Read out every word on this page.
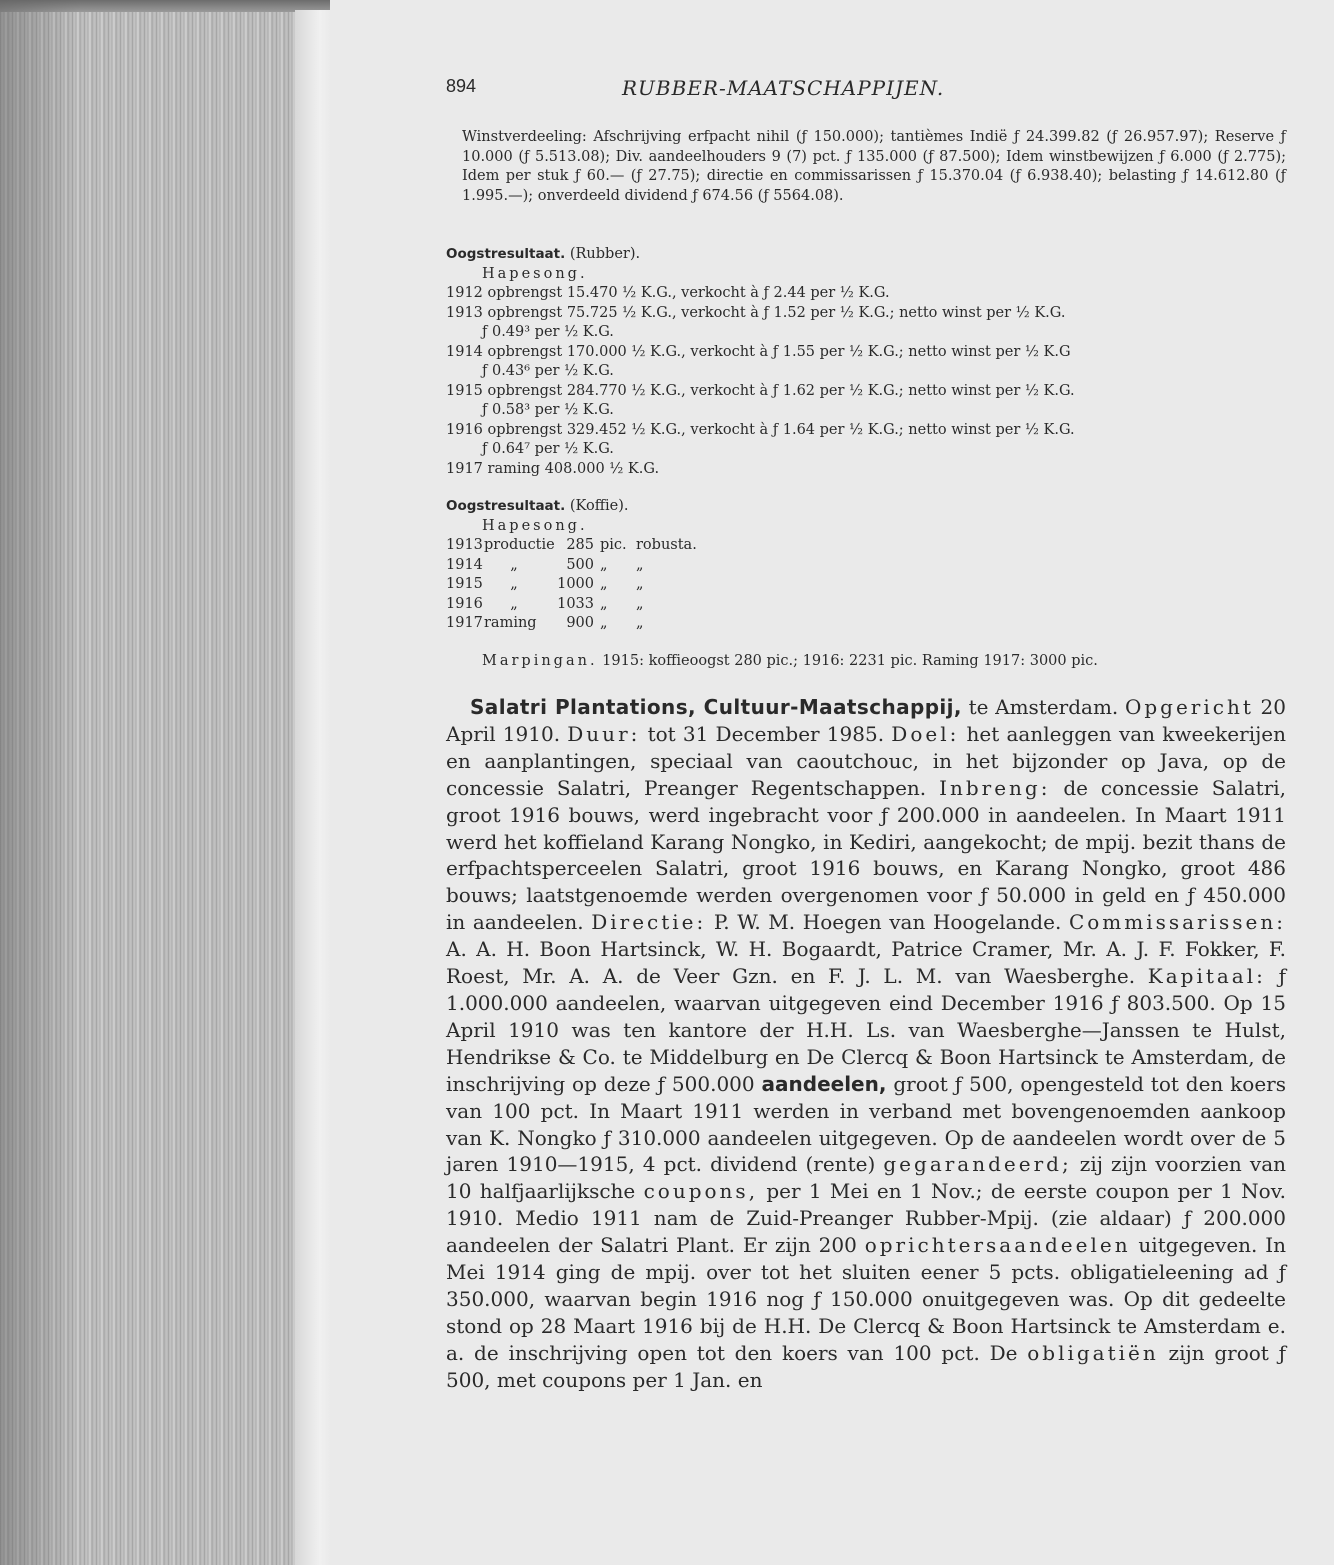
894	RUBBER-MAATSCHAPPIJEN.

Winstverdeeling: Afschrijving erfpacht nihil (ƒ 150.000); tantièmes Indië ƒ 24.399.82 (ƒ 26.957.97); Reserve ƒ 10.000 (ƒ 5.513.08); Div. aandeelhouders 9 (7) pct. ƒ 135.000 (ƒ 87.500); Idem winstbewijzen ƒ 6.000 (ƒ 2.775); Idem per stuk ƒ 60.— (ƒ 27.75); directie en commissarissen ƒ 15.370.04 (ƒ 6.938.40); belasting ƒ 14.612.80 (ƒ 1.995.—); onverdeeld dividend ƒ 674.56 (ƒ 5564.08).

Oogstresultaat. (Rubber).

Hapesong.

1912 opbrengst 15.470 ½ K.G., verkocht à ƒ 2.44 per ½ K.G.

1913 opbrengst 75.725 ½ K.G., verkocht à ƒ 1.52 per ½ K.G.; netto winst per ½ K.G.

ƒ 0.49³ per ½ K.G.

1914 opbrengst 170.000 ½ K.G., verkocht à ƒ 1.55 per ½ K.G.; netto winst per ½ K.G

ƒ 0.43⁶ per ½ K.G.

1915 opbrengst 284.770 ½ K.G., verkocht à ƒ 1.62 per ½ K.G.; netto winst per ½ K.G.

ƒ 0.58³ per ½ K.G.

1916 opbrengst 329.452 ½ K.G., verkocht à ƒ 1.64 per ½ K.G.; netto winst per ½ K.G.

ƒ 0.64⁷ per ½ K.G.

1917 raming 408.000 ½ K.G.

Oogstresultaat. (Koffie).

Hapesong.

1913 productie 285 pic. robusta.
1914	„	500 „	„
1915	„	1000 „	„
1916	„	1033 „	„
1917 raming	900 „	„

Marpingan. 1915: koffieoogst 280 pic.; 1916: 2231 pic. Raming 1917: 3000 pic.

Salatri Plantations, Cultuur-Maatschappij, te Amsterdam. Opgericht 20 April 1910. Duur: tot 31 December 1985. Doel: het aanleggen van kweekerijen en aanplantingen, speciaal van caoutchouc, in het bijzonder op Java, op de concessie Salatri, Preanger Regentschappen. Inbreng: de concessie Salatri, groot 1916 bouws, werd ingebracht voor ƒ 200.000 in aandeelen. In Maart 1911 werd het koffieland Karang Nongko, in Kediri, aangekocht; de mpij. bezit thans de erfpachtsperceelen Salatri, groot 1916 bouws, en Karang Nongko, groot 486 bouws; laatstgenoemde werden overgenomen voor ƒ 50.000 in geld en ƒ 450.000 in aandeelen. Directie: P. W. M. Hoegen van Hoogelande. Commissarissen: A. A. H. Boon Hartsinck, W. H. Bogaardt, Patrice Cramer, Mr. A. J. F. Fokker, F. Roest, Mr. A. A. de Veer Gzn. en F. J. L. M. van Waesberghe. Kapitaal: ƒ 1.000.000 aandeelen, waarvan uitgegeven eind December 1916 ƒ 803.500. Op 15 April 1910 was ten kantore der H.H. Ls. van Waesberghe—Janssen te Hulst, Hendrikse & Co. te Middelburg en De Clercq & Boon Hartsinck te Amsterdam, de inschrijving op deze ƒ 500.000 aandeelen, groot ƒ 500, opengesteld tot den koers van 100 pct. In Maart 1911 werden in verband met bovengenoemden aankoop van K. Nongko ƒ 310.000 aandeelen uitgegeven. Op de aandeelen wordt over de 5 jaren 1910—1915, 4 pct. dividend (rente) gegarandeerd; zij zijn voorzien van 10 halfjaarlijksche coupons, per 1 Mei en 1 Nov.; de eerste coupon per 1 Nov. 1910. Medio 1911 nam de Zuid-Preanger Rubber-Mpij. (zie aldaar) ƒ 200.000 aandeelen der Salatri Plant. Er zijn 200 oprichtersaandeelen uitgegeven. In Mei 1914 ging de mpij. over tot het sluiten eener 5 pcts. obligatieleening ad ƒ 350.000, waarvan begin 1916 nog ƒ 150.000 onuitgegeven was. Op dit gedeelte stond op 28 Maart 1916 bij de H.H. De Clercq & Boon Hartsinck te Amsterdam e. a. de inschrijving open tot den koers van 100 pct. De obligatiën zijn groot ƒ 500, met coupons per 1 Jan. en
